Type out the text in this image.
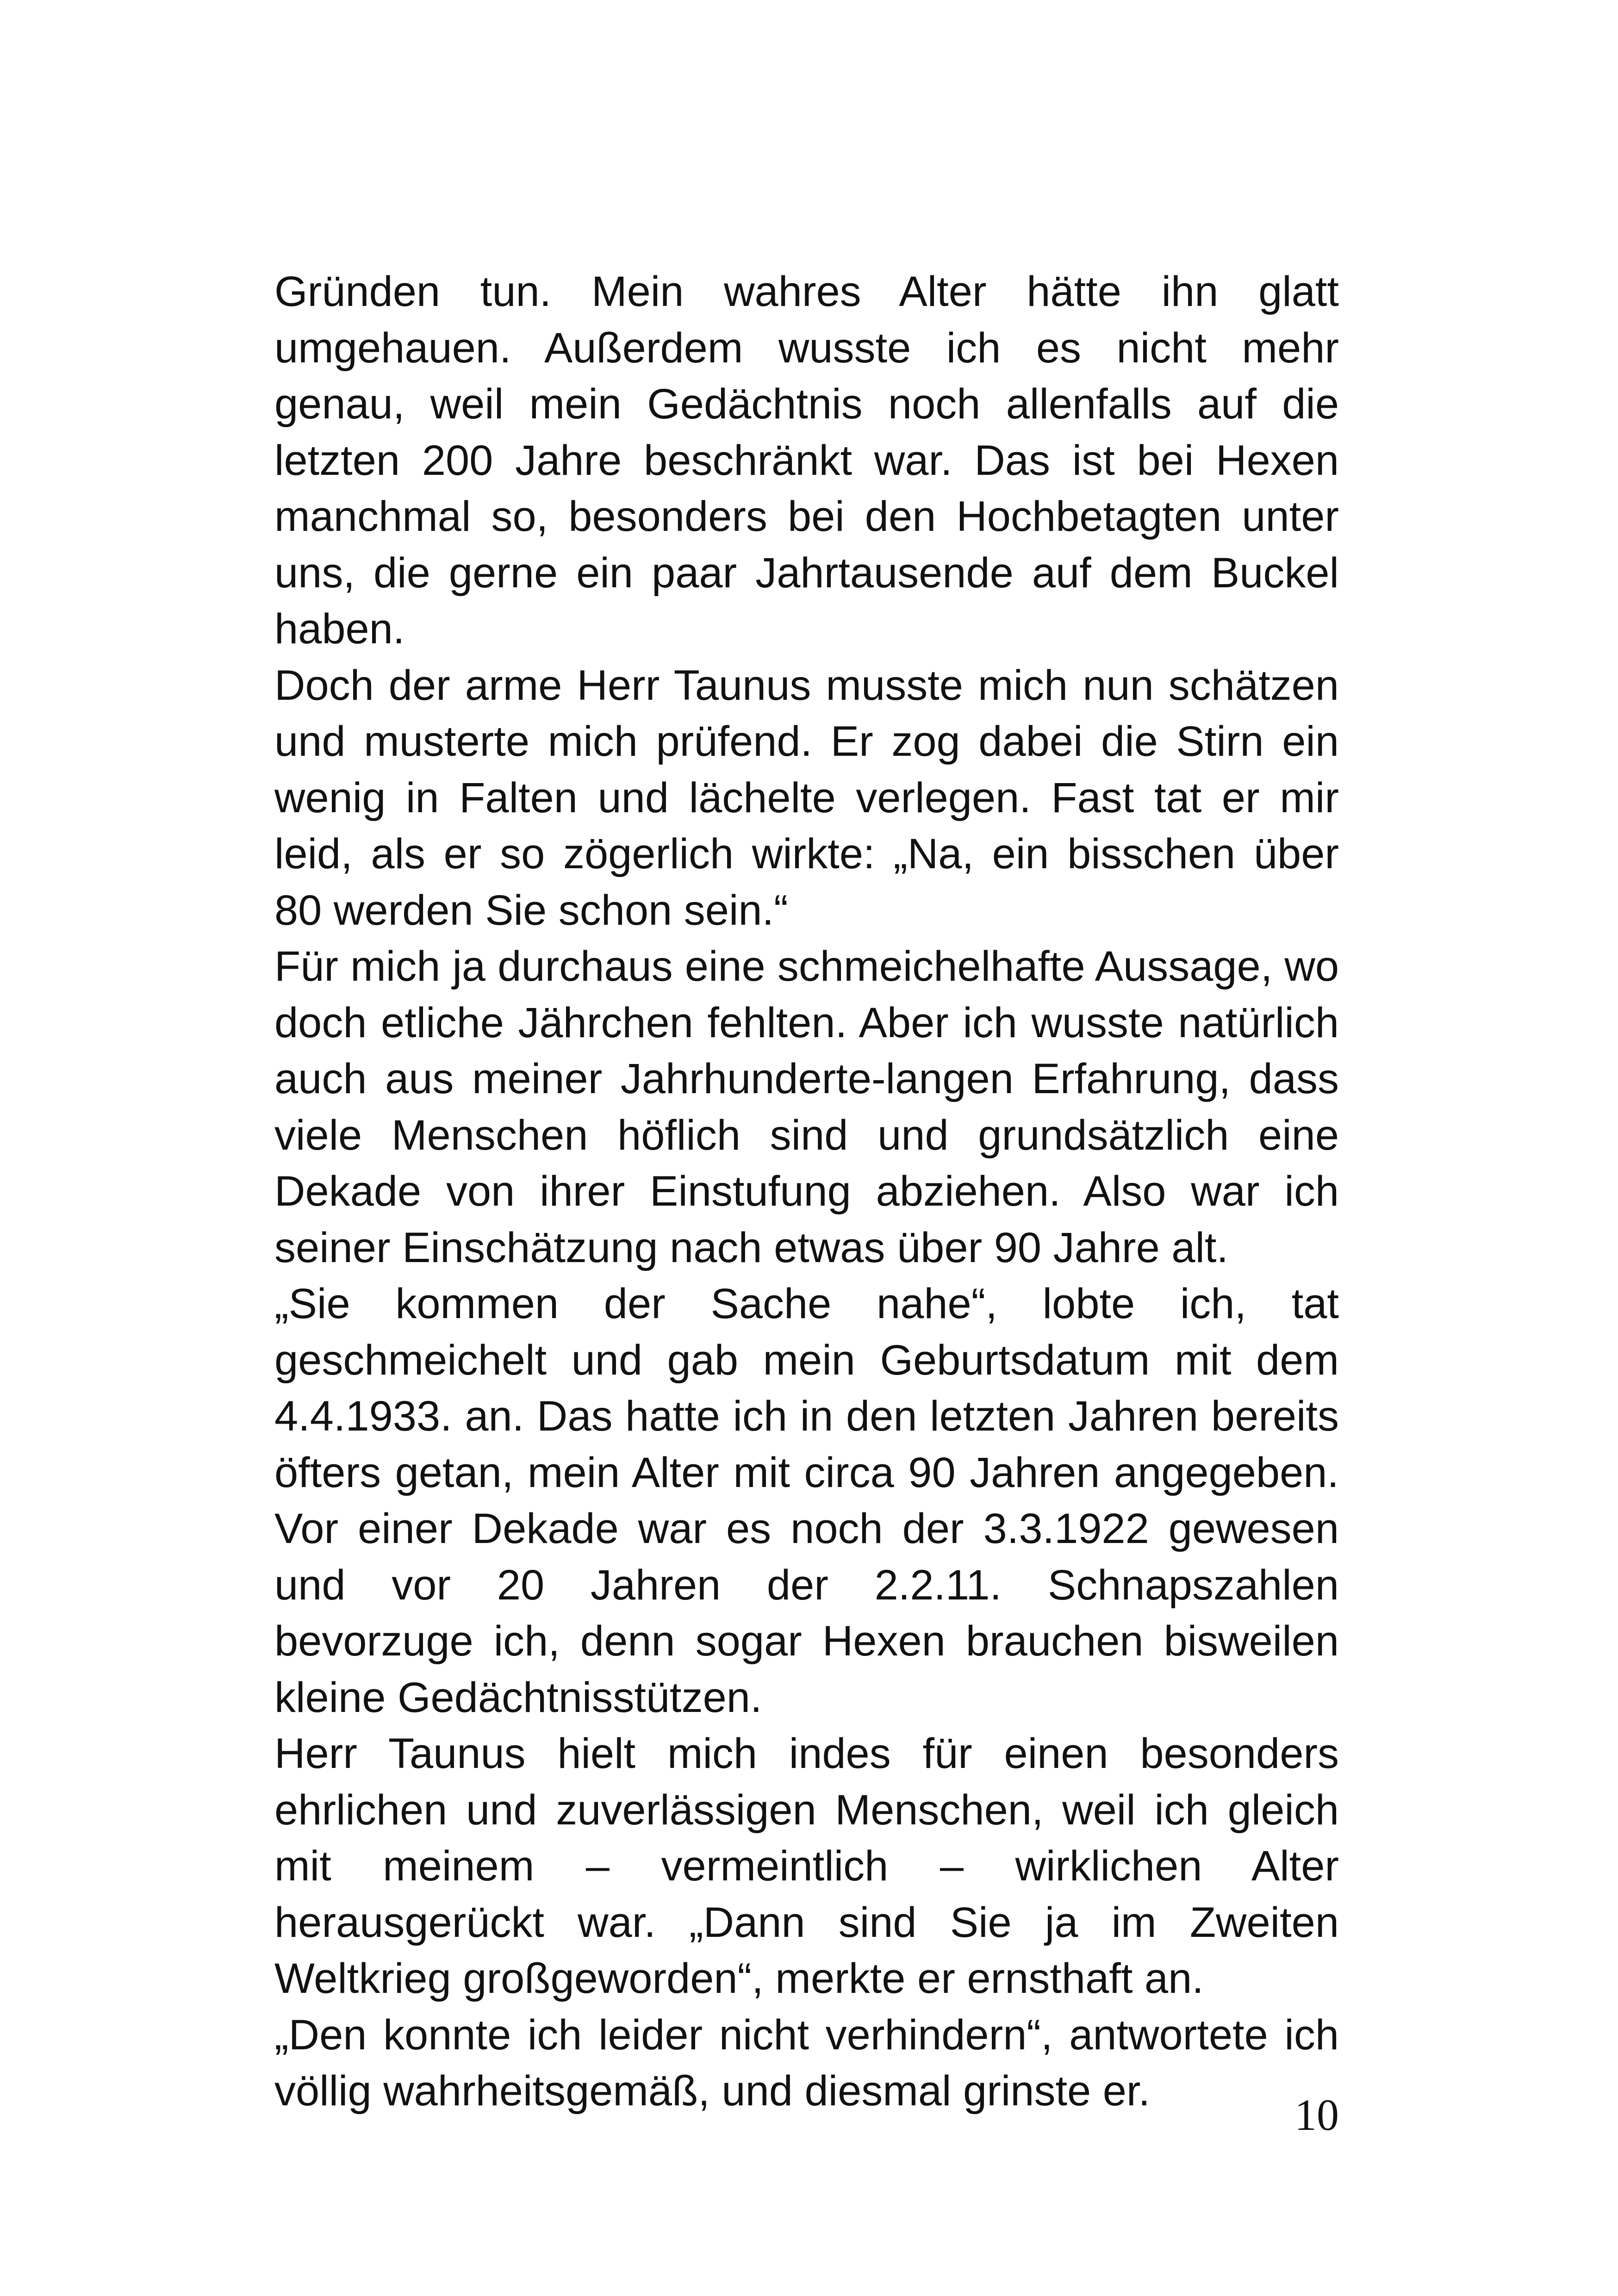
Gründen tun. Mein wahres Alter hätte ihn glatt umgehauen. Außerdem wusste ich es nicht mehr genau, weil mein Gedächtnis noch allenfalls auf die letzten 200 Jahre beschränkt war. Das ist bei Hexen manchmal so, besonders bei den Hochbetagten unter uns, die gerne ein paar Jahrtausende auf dem Buckel haben.

Doch der arme Herr Taunus musste mich nun schätzen und musterte mich prüfend. Er zog dabei die Stirn ein wenig in Falten und lächelte verlegen. Fast tat er mir leid, als er so zögerlich wirkte: „Na, ein bisschen über 80 werden Sie schon sein.“

Für mich ja durchaus eine schmeichelhafte Aussage, wo doch etliche Jährchen fehlten. Aber ich wusste natürlich auch aus meiner Jahrhunderte-langen Erfahrung, dass viele Menschen höflich sind und grundsätzlich eine Dekade von ihrer Einstufung abziehen. Also war ich seiner Einschätzung nach etwas über 90 Jahre alt.

„Sie kommen der Sache nahe“, lobte ich, tat geschmeichelt und gab mein Geburtsdatum mit dem 4.4.1933. an. Das hatte ich in den letzten Jahren bereits öfters getan, mein Alter mit circa 90 Jahren angegeben. Vor einer Dekade war es noch der 3.3.1922 gewesen und vor 20 Jahren der 2.2.11. Schnapszahlen bevorzuge ich, denn sogar Hexen brauchen bisweilen kleine Gedächtnisstützen.

Herr Taunus hielt mich indes für einen besonders ehrlichen und zuverlässigen Menschen, weil ich gleich mit meinem – vermeintlich – wirklichen Alter herausgerückt war. „Dann sind Sie ja im Zweiten Weltkrieg großgeworden“, merkte er ernsthaft an.

„Den konnte ich leider nicht verhindern“, antwortete ich völlig wahrheitsgemäß, und diesmal grinste er.	10
